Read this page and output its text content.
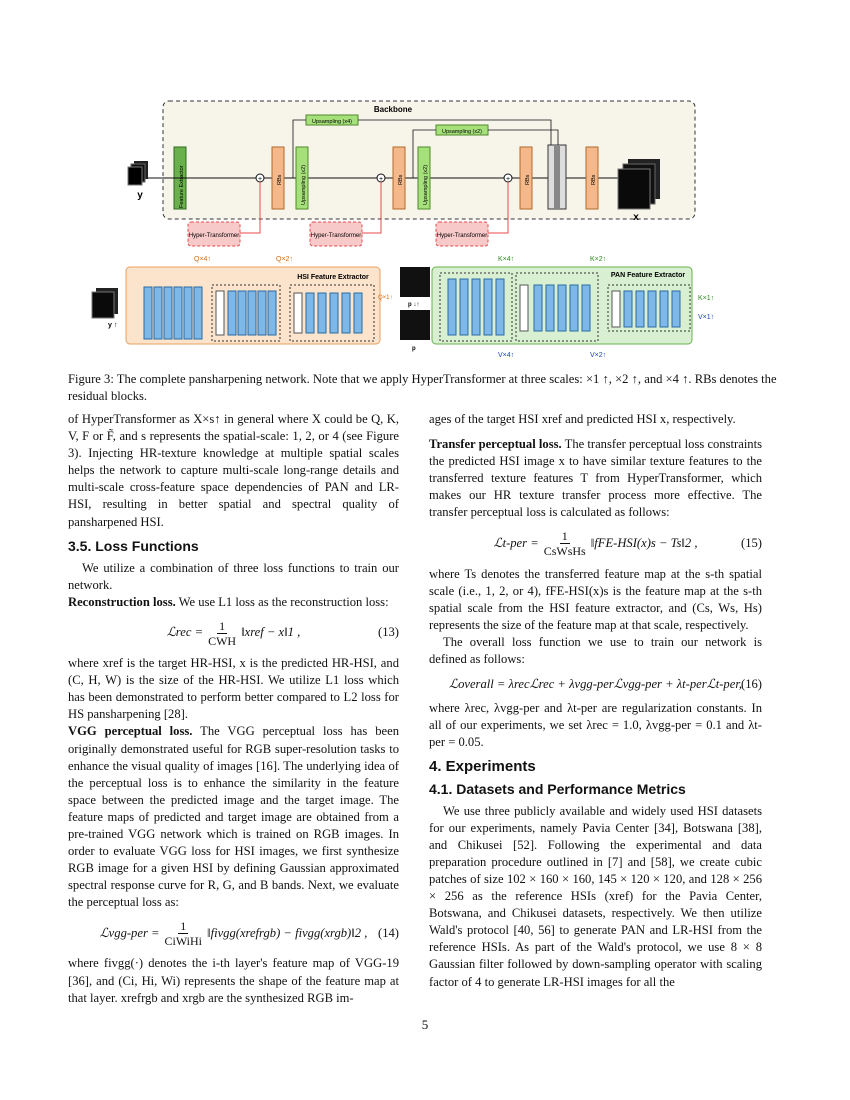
Backbone
y	Feature Extractor	RBs	Upsampling (x2)	RBs	Upsampling (x2)	RBs	RBs
Upsampling (x4)
Upsampling (x2)
+	+	+
x
Hyper-Transformer	Hyper-Transformer	Hyper-Transformer
HSI Feature Extractor
y ↑
Q×4↑	Q×2↑
Q×1↑
p ↓↑
p
PAN Feature Extractor
K×4↑	K×2↑
K×1↑
V×4↑	V×2↑
V×1↑
Figure 3: The complete pansharpening network. Note that we apply HyperTransformer at three scales: ×1 ↑, ×2 ↑, and ×4 ↑. RBs denotes the residual blocks.

of HyperTransformer as X×s↑ in general where X could be Q, K, V, F or F̃, and s represents the spatial-scale: 1, 2, or 4 (see Figure 3). Injecting HR-texture knowledge at multiple spatial scales helps the network to capture multi-scale long-range details and multi-scale cross-feature space dependencies of PAN and LR-HSI, resulting in better spatial and spectral quality of pansharpened HSI.

3.5. Loss Functions

We utilize a combination of three loss functions to train our network.

Reconstruction loss. We use L1 loss as the reconstruction loss:

ℒrec = $\frac{1}{\text{CWH}}$ ‖xref − x‖1 ,	(13)

where xref is the target HR-HSI, x is the predicted HR-HSI, and (C, H, W) is the size of the HR-HSI. We utilize L1 loss which has been demonstrated to perform better compared to L2 loss for HS pansharpening [28].

VGG perceptual loss. The VGG perceptual loss has been originally demonstrated useful for RGB super-resolution tasks to enhance the visual quality of images [16]. The underlying idea of the perceptual loss is to enhance the similarity in the feature space between the predicted image and the target image. The feature maps of predicted and target image are obtained from a pre-trained VGG network which is trained on RGB images. In order to evaluate VGG loss for HSI images, we first synthesize RGB image for a given HSI by defining Gaussian approximated spectral response curve for R, G, and B bands. Next, we evaluate the perceptual loss as:

ℒvgg-per = $\frac{1}{\text{CiWiHi}}$ ‖fivgg(xrefrgb) − fivgg(xrgb)‖2 , (14)

where fivgg(·) denotes the i-th layer's feature map of VGG-19 [36], and (Ci, Hi, Wi) represents the shape of the feature map at that layer. xrefrgb and xrgb are the synthesized RGB im-

ages of the target HSI xref and predicted HSI x, respectively.

Transfer perceptual loss. The transfer perceptual loss constraints the predicted HSI image x to have similar texture features to the transferred texture features T from HyperTransformer, which makes our HR texture transfer process more effective. The transfer perceptual loss is calculated as follows:

ℒt-per = $\frac{1}{\text{CsWsHs}}$ ‖fFE-HSI(x)s − Ts‖2 ,	(15)

where Ts denotes the transferred feature map at the s-th spatial scale (i.e., 1, 2, or 4), fFE-HSI(x)s is the feature map at the s-th spatial scale from the HSI feature extractor, and (Cs, Ws, Hs) represents the size of the feature map at that scale, respectively.

The overall loss function we use to train our network is defined as follows:

ℒoverall = λrecℒrec + λvgg-perℒvgg-per + λt-perℒt-per, (16)

where λrec, λvgg-per and λt-per are regularization constants. In all of our experiments, we set λrec = 1.0, λvgg-per = 0.1 and λt-per = 0.05.

4. Experiments
4.1. Datasets and Performance Metrics

We use three publicly available and widely used HSI datasets for our experiments, namely Pavia Center [34], Botswana [38], and Chikusei [52]. Following the experimental and data preparation procedure outlined in [7] and [58], we create cubic patches of size 102 × 160 × 160, 145 × 120 × 120, and 128 × 256 × 256 as the reference HSIs (xref) for the Pavia Center, Botswana, and Chikusei datasets, respectively. We then utilize Wald's protocol [40, 56] to generate PAN and LR-HSI from the reference HSIs. As part of the Wald's protocol, we use 8 × 8 Gaussian filter followed by down-sampling operator with scaling factor of 4 to generate LR-HSI images for all the

5
